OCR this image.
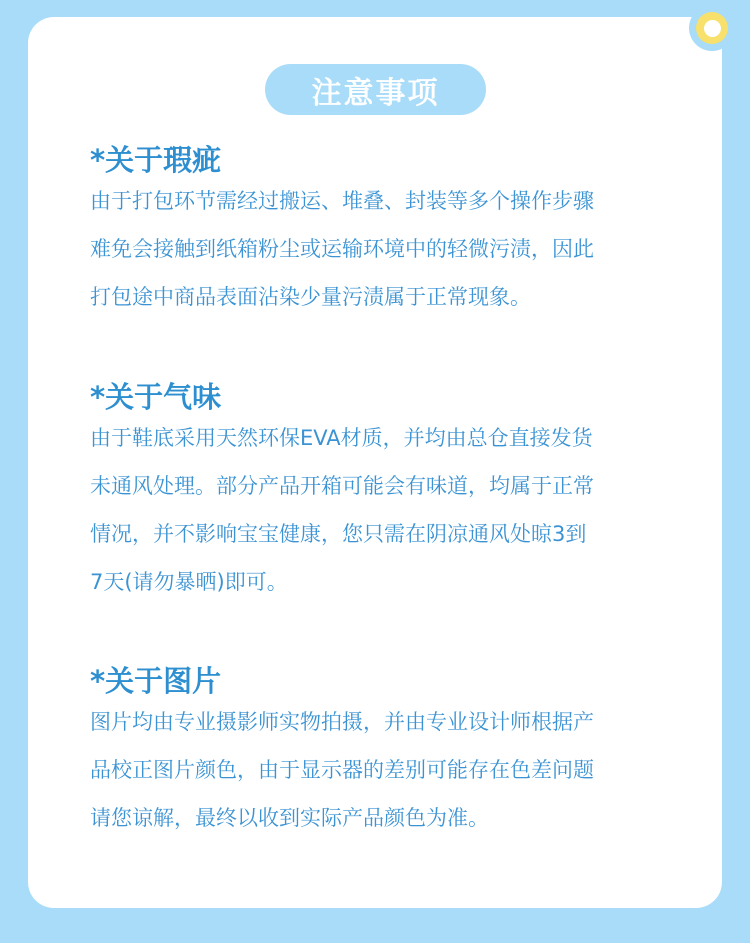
注意事项
*关于瑕疵
由于打包环节需经过搬运、堆叠、封装等多个操作步骤
难免会接触到纸箱粉尘或运输环境中的轻微污渍，因此
打包途中商品表面沾染少量污渍属于正常现象。
*关于气味
由于鞋底采用天然环保EVA材质，并均由总仓直接发货
未通风处理。部分产品开箱可能会有味道，均属于正常
情况，并不影响宝宝健康，您只需在阴凉通风处晾3到
7天(请勿暴晒)即可。
*关于图片
图片均由专业摄影师实物拍摄，并由专业设计师根据产
品校正图片颜色，由于显示器的差别可能存在色差问题
请您谅解，最终以收到实际产品颜色为准。
